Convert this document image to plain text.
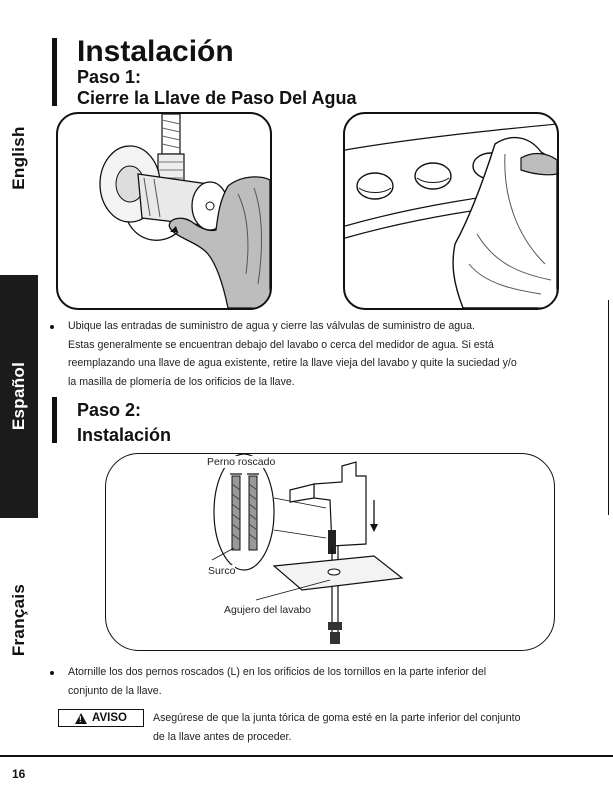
English
Español
Français
Instalación
Paso 1:
Cierre la Llave de Paso Del Agua
Ubique las entradas de suministro de agua y cierre las válvulas de suministro de agua.
Estas generalmente se encuentran debajo del lavabo o cerca del medidor de agua. Si está
reemplazando una llave de agua existente, retire la llave vieja del lavabo y quite la suciedad y/o
la masilla de plomería de los orificios de la llave.
Paso 2:
Instalación
Perno roscado
Surco
Agujero del lavabo
Atornille los dos pernos roscados (L) en los orificios de los tornillos en la parte inferior del
conjunto de la llave.
! AVISO Asegúrese de que la junta tórica de goma esté en la parte inferior del conjunto
de la llave antes de proceder.
16
